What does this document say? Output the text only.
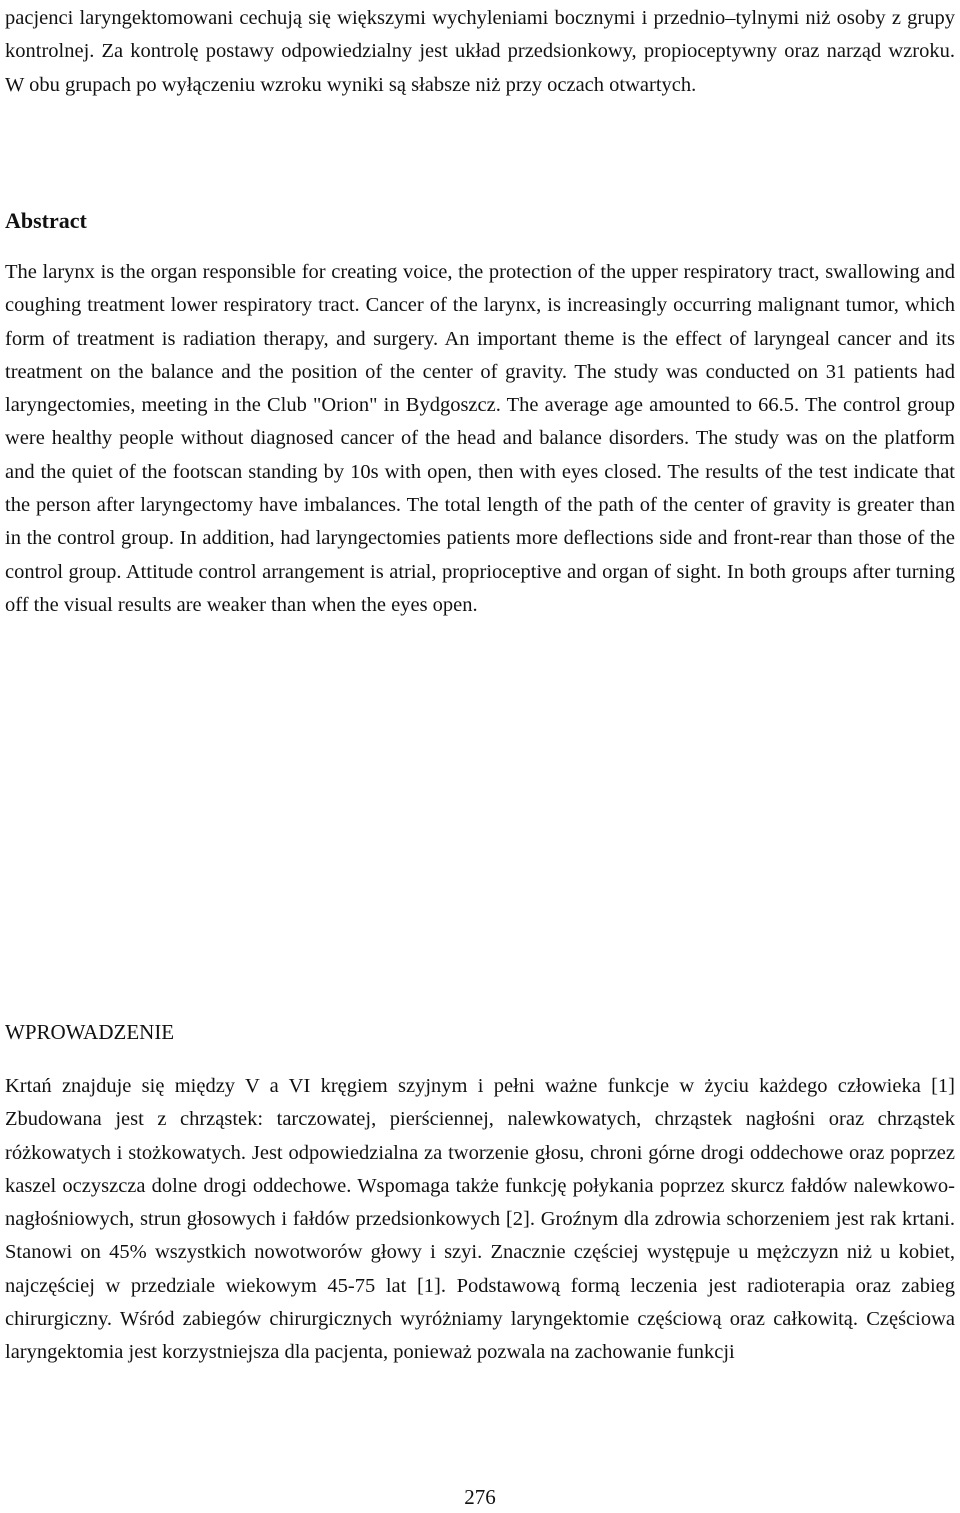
pacjenci laryngektomowani cechują się większymi wychyleniami bocznymi i przednio–tylnymi niż osoby z grupy kontrolnej. Za kontrolę postawy odpowiedzialny jest układ przedsionkowy, propioceptywny oraz narząd wzroku. W obu grupach po wyłączeniu wzroku wyniki są słabsze niż przy oczach otwartych.

Abstract

The larynx is the organ responsible for creating voice, the protection of the upper respiratory tract, swallowing and coughing treatment lower respiratory tract. Cancer of the larynx, is increasingly occurring malignant tumor, which form of treatment is radiation therapy, and surgery. An important theme is the effect of laryngeal cancer and its treatment on the balance and the position of the center of gravity. The study was conducted on 31 patients had laryngectomies, meeting in the Club "Orion" in Bydgoszcz. The average age amounted to 66.5. The control group were healthy people without diagnosed cancer of the head and balance disorders. The study was on the platform and the quiet of the footscan standing by 10s with open, then with eyes closed. The results of the test indicate that the person after laryngectomy have imbalances. The total length of the path of the center of gravity is greater than in the control group. In addition, had laryngectomies patients more deflections side and front-rear than those of the control group. Attitude control arrangement is atrial, proprioceptive and organ of sight. In both groups after turning off the visual results are weaker than when the eyes open.

WPROWADZENIE

Krtań znajduje się między V a VI kręgiem szyjnym i pełni ważne funkcje w życiu każdego człowieka [1] Zbudowana jest z chrząstek: tarczowatej, pierściennej, nalewkowatych, chrząstek nagłośni oraz chrząstek różkowatych i stożkowatych. Jest odpowiedzialna za tworzenie głosu, chroni górne drogi oddechowe oraz poprzez kaszel oczyszcza dolne drogi oddechowe. Wspomaga także funkcję połykania poprzez skurcz fałdów nalewkowo-nagłośniowych, strun głosowych i fałdów przedsionkowych [2]. Groźnym dla zdrowia schorzeniem jest rak krtani. Stanowi on 45% wszystkich nowotworów głowy i szyi. Znacznie częściej występuje u mężczyzn niż u kobiet, najczęściej w przedziale wiekowym 45-75 lat [1]. Podstawową formą leczenia jest radioterapia oraz zabieg chirurgiczny. Wśród zabiegów chirurgicznych wyróżniamy laryngektomie częściową oraz całkowitą. Częściowa laryngektomia jest korzystniejsza dla pacjenta, ponieważ pozwala na zachowanie funkcji

276
